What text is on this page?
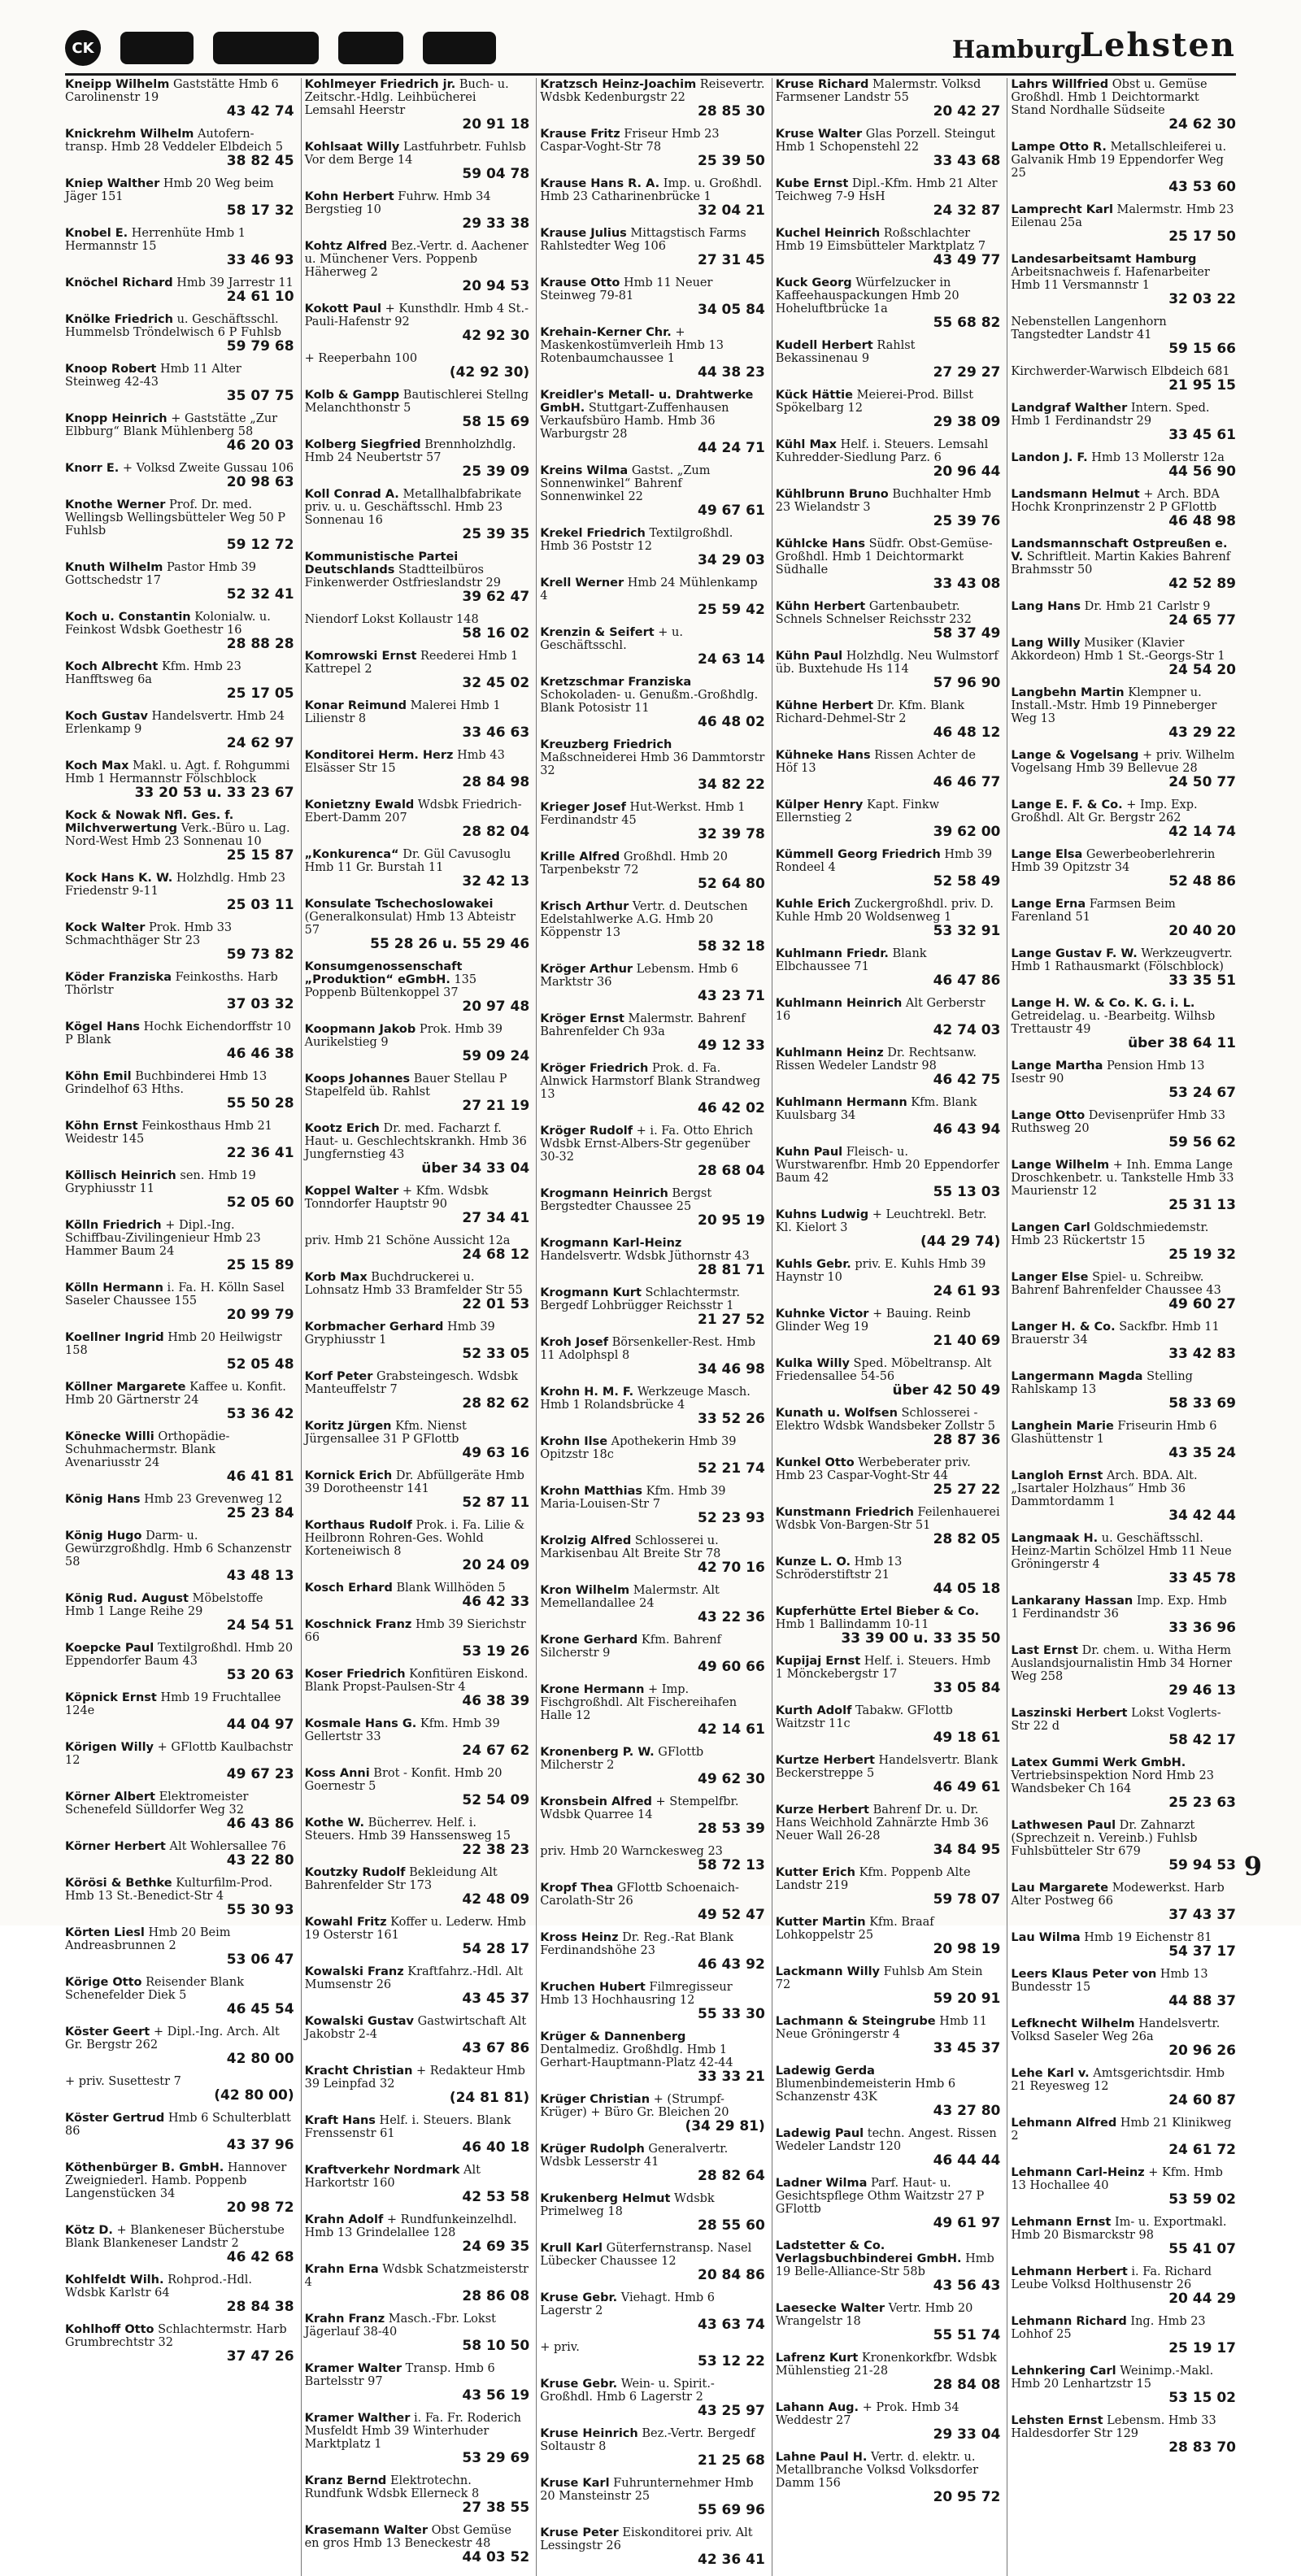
CK	Hamburg
Lehsten
Kneipp Wilhelm Gaststätte Hmb 6 Carolinenstr 19
43 42 74
Knickrehm Wilhelm Autofern-transp. Hmb 28 Veddeler Elbdeich 5
38 82 45
Kniep Walther Hmb 20 Weg beim Jäger 151
58 17 32
Knobel E. Herrenhüte Hmb 1 Hermannstr 15
33 46 93
Knöchel Richard Hmb 39 Jarrestr 11
24 61 10
Knölke Friedrich u. Geschäftsschl. Hummelsb Tröndelwisch 6 P Fuhlsb
59 79 68
Knoop Robert Hmb 11 Alter Steinweg 42-43
35 07 75
Knopp Heinrich + Gaststätte „Zur Elbburg“ Blank Mühlenberg 58
46 20 03
Knorr E. + Volksd Zweite Gussau 106
20 98 63
Knothe Werner Prof. Dr. med. Wellingsb Wellingsbütteler Weg 50 P Fuhlsb
59 12 72
Knuth Wilhelm Pastor Hmb 39 Gottschedstr 17
52 32 41
Koch u. Constantin Kolonialw. u. Feinkost Wdsbk Goethestr 16
28 88 28
Koch Albrecht Kfm. Hmb 23 Hanfftsweg 6a
25 17 05
Koch Gustav Handelsvertr. Hmb 24 Erlenkamp 9
24 62 97
Koch Max Makl. u. Agt. f. Rohgummi Hmb 1 Hermannstr Fölschblock
33 20 53 u. 33 23 67
Kock & Nowak Nfl. Ges. f. Milchverwertung Verk.-Büro u. Lag. Nord-West Hmb 23 Sonnenau 10
25 15 87
Kock Hans K. W. Holzhdlg. Hmb 23 Friedenstr 9-11
25 03 11
Kock Walter Prok. Hmb 33 Schmachthäger Str 23
59 73 82
Köder Franziska Feinkosths. Harb Thörlstr
37 03 32
Kögel Hans Hochk Eichendorffstr 10 P Blank
46 46 38
Köhn Emil Buchbinderei Hmb 13 Grindelhof 63 Hths.
55 50 28
Köhn Ernst Feinkosthaus Hmb 21 Weidestr 145
22 36 41
Köllisch Heinrich sen. Hmb 19 Gryphiusstr 11
52 05 60
Kölln Friedrich + Dipl.-Ing. Schiffbau-Zivilingenieur Hmb 23 Hammer Baum 24
25 15 89
Kölln Hermann i. Fa. H. Kölln Sasel Saseler Chaussee 155
20 99 79
Koellner Ingrid Hmb 20 Heilwigstr 158
52 05 48
Köllner Margarete Kaffee u. Konfit. Hmb 20 Gärtnerstr 24
53 36 42
Könecke Willi Orthopädie-Schuhmachermstr. Blank Avenariusstr 24
46 41 81
König Hans Hmb 23 Grevenweg 12
25 23 84
König Hugo Darm- u. Gewürzgroßhdlg. Hmb 6 Schanzenstr 58
43 48 13
König Rud. August Möbelstoffe Hmb 1 Lange Reihe 29
24 54 51
Koepcke Paul Textilgroßhdl. Hmb 20 Eppendorfer Baum 43
53 20 63
Köpnick Ernst Hmb 19 Fruchtallee 124e
44 04 97
Körigen Willy + GFlottb Kaulbachstr 12
49 67 23
Körner Albert Elektromeister Schenefeld Sülldorfer Weg 32
46 43 86
Körner Herbert Alt Wohlersallee 76
43 22 80
Körösi & Bethke Kulturfilm-Prod. Hmb 13 St.-Benedict-Str 4
55 30 93
Körten Liesl Hmb 20 Beim Andreasbrunnen 2
53 06 47
Körige Otto Reisender Blank Schenefelder Diek 5
46 45 54
Köster Geert + Dipl.-Ing. Arch. Alt Gr. Bergstr 262
42 80 00
+ priv. Susettestr 7
(42 80 00)
Köster Gertrud Hmb 6 Schulterblatt 86
43 37 96
Köthenbürger B. GmbH. Hannover Zweigniederl. Hamb. Poppenb Langenstücken 34
20 98 72
Kötz D. + Blankeneser Bücherstube Blank Blankeneser Landstr 2
46 42 68
Kohlfeldt Wilh. Rohprod.-Hdl. Wdsbk Karlstr 64
28 84 38
Kohlhoff Otto Schlachtermstr. Harb Grumbrechtstr 32
37 47 26
Kohlmeyer Friedrich jr. Buch- u. Zeitschr.-Hdlg. Leihbücherei Lemsahl Heerstr
20 91 18
Kohlsaat Willy Lastfuhrbetr. Fuhlsb Vor dem Berge 14
59 04 78
Kohn Herbert Fuhrw. Hmb 34 Bergstieg 10
29 33 38
Kohtz Alfred Bez.-Vertr. d. Aachener u. Münchener Vers. Poppenb Häherweg 2
20 94 53
Kokott Paul + Kunsthdlr. Hmb 4 St.-Pauli-Hafenstr 92
42 92 30
+ Reeperbahn 100
(42 92 30)
Kolb & Gampp Bautischlerei Stellng Melanchthonstr 5
58 15 69
Kolberg Siegfried Brennholzhdlg. Hmb 24 Neubertstr 57
25 39 09
Koll Conrad A. Metallhalbfabrikate priv. u. u. Geschäftsschl. Hmb 23 Sonnenau 16
25 39 35
Kommunistische Partei Deutschlands Stadtteilbüros Finkenwerder Ostfrieslandstr 29
39 62 47
Niendorf Lokst Kollaustr 148
58 16 02
Komrowski Ernst Reederei Hmb 1 Kattrepel 2
32 45 02
Konar Reimund Malerei Hmb 1 Lilienstr 8
33 46 63
Konditorei Herm. Herz Hmb 43 Elsässer Str 15
28 84 98
Konietzny Ewald Wdsbk Friedrich-Ebert-Damm 207
28 82 04
„Konkurenca“ Dr. Gül Cavusoglu Hmb 11 Gr. Burstah 11
32 42 13
Konsulate Tschechoslowakei (Generalkonsulat) Hmb 13 Abteistr 57
55 28 26 u. 55 29 46
Konsumgenossenschaft „Produktion“ eGmbH. 135 Poppenb Bültenkoppel 37
20 97 48
Koopmann Jakob Prok. Hmb 39 Aurikelstieg 9
59 09 24
Koops Johannes Bauer Stellau P Stapelfeld üb. Rahlst
27 21 19
Kootz Erich Dr. med. Facharzt f. Haut- u. Geschlechtskrankh. Hmb 36 Jungfernstieg 43
über 34 33 04
Koppel Walter + Kfm. Wdsbk Tonndorfer Hauptstr 90
27 34 41
priv. Hmb 21 Schöne Aussicht 12a
24 68 12
Korb Max Buchdruckerei u. Lohnsatz Hmb 33 Bramfelder Str 55
22 01 53
Korbmacher Gerhard Hmb 39 Gryphiusstr 1
52 33 05
Korf Peter Grabsteingesch. Wdsbk Manteuffelstr 7
28 82 62
Koritz Jürgen Kfm. Nienst Jürgensallee 31 P GFlottb
49 63 16
Kornick Erich Dr. Abfüllgeräte Hmb 39 Dorotheenstr 141
52 87 11
Korthaus Rudolf Prok. i. Fa. Lilie & Heilbronn Rohren-Ges. Wohld Korteneiwisch 8
20 24 09
Kosch Erhard Blank Willhöden 5
46 42 33
Koschnick Franz Hmb 39 Sierichstr 66
53 19 26
Koser Friedrich Konfitüren Eiskond. Blank Propst-Paulsen-Str 4
46 38 39
Kosmale Hans G. Kfm. Hmb 39 Gellertstr 33
24 67 62
Koss Anni Brot - Konfit. Hmb 20 Goernestr 5
52 54 09
Kothe W. Bücherrev. Helf. i. Steuers. Hmb 39 Hanssensweg 15
22 38 23
Koutzky Rudolf Bekleidung Alt Bahrenfelder Str 173
42 48 09
Kowahl Fritz Koffer u. Lederw. Hmb 19 Osterstr 161
54 28 17
Kowalski Franz Kraftfahrz.-Hdl. Alt Mumsenstr 26
43 45 37
Kowalski Gustav Gastwirtschaft Alt Jakobstr 2-4
43 67 86
Kracht Christian + Redakteur Hmb 39 Leinpfad 32
(24 81 81)
Kraft Hans Helf. i. Steuers. Blank Frenssenstr 61
46 40 18
Kraftverkehr Nordmark Alt Harkortstr 160
42 53 58
Krahn Adolf + Rundfunkeinzelhdl. Hmb 13 Grindelallee 128
24 69 35
Krahn Erna Wdsbk Schatzmeisterstr 4
28 86 08
Krahn Franz Masch.-Fbr. Lokst Jägerlauf 38-40
58 10 50
Kramer Walter Transp. Hmb 6 Bartelsstr 97
43 56 19
Kramer Walther i. Fa. Fr. Roderich Musfeldt Hmb 39 Winterhuder Marktplatz 1
53 29 69
Kranz Bernd Elektrotechn. Rundfunk Wdsbk Ellerneck 8
27 38 55
Krasemann Walter Obst Gemüse en gros Hmb 13 Beneckestr 48
44 03 52
Kratzsch Heinz-Joachim Reisevertr. Wdsbk Kedenburgstr 22
28 85 30
Krause Fritz Friseur Hmb 23 Caspar-Voght-Str 78
25 39 50
Krause Hans R. A. Imp. u. Großhdl. Hmb 23 Catharinenbrücke 1
32 04 21
Krause Julius Mittagstisch Farms Rahlstedter Weg 106
27 31 45
Krause Otto Hmb 11 Neuer Steinweg 79-81
34 05 84
Krehain-Kerner Chr. + Maskenkostümverleih Hmb 13 Rotenbaumchaussee 1
44 38 23
Kreidler's Metall- u. Drahtwerke GmbH. Stuttgart-Zuffenhausen Verkaufsbüro Hamb. Hmb 36 Warburgstr 28
44 24 71
Kreins Wilma Gastst. „Zum Sonnenwinkel“ Bahrenf Sonnenwinkel 22
49 67 61
Krekel Friedrich Textilgroßhdl. Hmb 36 Poststr 12
34 29 03
Krell Werner Hmb 24 Mühlenkamp 4
25 59 42
Krenzin & Seifert + u. Geschäftsschl.
24 63 14
Kretzschmar Franziska Schokoladen- u. Genußm.-Großhdlg. Blank Potosistr 11
46 48 02
Kreuzberg Friedrich Maßschneiderei Hmb 36 Dammtorstr 32
34 82 22
Krieger Josef Hut-Werkst. Hmb 1 Ferdinandstr 45
32 39 78
Krille Alfred Großhdl. Hmb 20 Tarpenbekstr 72
52 64 80
Krisch Arthur Vertr. d. Deutschen Edelstahlwerke A.G. Hmb 20 Köppenstr 13
58 32 18
Kröger Arthur Lebensm. Hmb 6 Marktstr 36
43 23 71
Kröger Ernst Malermstr. Bahrenf Bahrenfelder Ch 93a
49 12 33
Kröger Friedrich Prok. d. Fa. Alnwick Harmstorf Blank Strandweg 13
46 42 02
Kröger Rudolf + i. Fa. Otto Ehrich Wdsbk Ernst-Albers-Str gegenüber 30-32
28 68 04
Krogmann Heinrich Bergst Bergstedter Chaussee 25
20 95 19
Krogmann Karl-Heinz Handelsvertr. Wdsbk Jüthornstr 43
28 81 71
Krogmann Kurt Schlachtermstr. Bergedf Lohbrügger Reichsstr 1
21 27 52
Kroh Josef Börsenkeller-Rest. Hmb 11 Adolphspl 8
34 46 98
Krohn H. M. F. Werkzeuge Masch. Hmb 1 Rolandsbrücke 4
33 52 26
Krohn Ilse Apothekerin Hmb 39 Opitzstr 18c
52 21 74
Krohn Matthias Kfm. Hmb 39 Maria-Louisen-Str 7
52 23 93
Krolzig Alfred Schlosserei u. Markisenbau Alt Breite Str 78
42 70 16
Kron Wilhelm Malermstr. Alt Memellandallee 24
43 22 36
Krone Gerhard Kfm. Bahrenf Silcherstr 9
49 60 66
Krone Hermann + Imp. Fischgroßhdl. Alt Fischereihafen Halle 12
42 14 61
Kronenberg P. W. GFlottb Milcherstr 2
49 62 30
Kronsbein Alfred + Stempelfbr. Wdsbk Quarree 14
28 53 39
priv. Hmb 20 Warnckesweg 23
58 72 13
Kropf Thea GFlottb Schoenaich-Carolath-Str 26
49 52 47
Kross Heinz Dr. Reg.-Rat Blank Ferdinandshöhe 23
46 43 92
Kruchen Hubert Filmregisseur Hmb 13 Hochhausring 12
55 33 30
Krüger & Dannenberg Dentalmediz. Großhdlg. Hmb 1 Gerhart-Hauptmann-Platz 42-44
33 33 21
Krüger Christian + (Strumpf-Krüger) + Büro Gr. Bleichen 20
(34 29 81)
Krüger Rudolph Generalvertr. Wdsbk Lesserstr 41
28 82 64
Krukenberg Helmut Wdsbk Primelweg 18
28 55 60
Krull Karl Güterfernstransp. Nasel Lübecker Chaussee 12
20 84 86
Kruse Gebr. Viehagt. Hmb 6 Lagerstr 2
43 63 74
+ priv.
53 12 22
Kruse Gebr. Wein- u. Spirit.-Großhdl. Hmb 6 Lagerstr 2
43 25 97
Kruse Heinrich Bez.-Vertr. Bergedf Soltaustr 8
21 25 68
Kruse Karl Fuhrunternehmer Hmb 20 Mansteinstr 25
55 69 96
Kruse Peter Eiskonditorei priv. Alt Lessingstr 26
42 36 41
Kruse Richard Malermstr. Volksd Farmsener Landstr 55
20 42 27
Kruse Walter Glas Porzell. Steingut Hmb 1 Schopenstehl 22
33 43 68
Kube Ernst Dipl.-Kfm. Hmb 21 Alter Teichweg 7-9 HsH
24 32 87
Kuchel Heinrich Roßschlachter Hmb 19 Eimsbütteler Marktplatz 7
43 49 77
Kuck Georg Würfelzucker in Kaffeehauspackungen Hmb 20 Hoheluftbrücke 1a
55 68 82
Kudell Herbert Rahlst Bekassinenau 9
27 29 27
Kück Hättie Meierei-Prod. Billst Spökelbarg 12
29 38 09
Kühl Max Helf. i. Steuers. Lemsahl Kuhredder-Siedlung Parz. 6
20 96 44
Kühlbrunn Bruno Buchhalter Hmb 23 Wielandstr 3
25 39 76
Kühlcke Hans Südfr. Obst-Gemüse-Großhdl. Hmb 1 Deichtormarkt Südhalle
33 43 08
Kühn Herbert Gartenbaubetr. Schnels Schnelser Reichsstr 232
58 37 49
Kühn Paul Holzhdlg. Neu Wulmstorf üb. Buxtehude Hs 114
57 96 90
Kühne Herbert Dr. Kfm. Blank Richard-Dehmel-Str 2
46 48 12
Kühneke Hans Rissen Achter de Höf 13
46 46 77
Külper Henry Kapt. Finkw Ellernstieg 2
39 62 00
Kümmell Georg Friedrich Hmb 39 Rondeel 4
52 58 49
Kuhle Erich Zuckergroßhdl. priv. D. Kuhle Hmb 20 Woldsenweg 1
53 32 91
Kuhlmann Friedr. Blank Elbchaussee 71
46 47 86
Kuhlmann Heinrich Alt Gerberstr 16
42 74 03
Kuhlmann Heinz Dr. Rechtsanw. Rissen Wedeler Landstr 98
46 42 75
Kuhlmann Hermann Kfm. Blank Kuulsbarg 34
46 43 94
Kuhn Paul Fleisch- u. Wurstwarenfbr. Hmb 20 Eppendorfer Baum 42
55 13 03
Kuhns Ludwig + Leuchtrekl. Betr. Kl. Kielort 3
(44 29 74)
Kuhls Gebr. priv. E. Kuhls Hmb 39 Haynstr 10
24 61 93
Kuhnke Victor + Bauing. Reinb Glinder Weg 19
21 40 69
Kulka Willy Sped. Möbeltransp. Alt Friedensallee 54-56
über 42 50 49
Kunath u. Wolfsen Schlosserei - Elektro Wdsbk Wandsbeker Zollstr 5
28 87 36
Kunkel Otto Werbeberater priv. Hmb 23 Caspar-Voght-Str 44
25 27 22
Kunstmann Friedrich Feilenhauerei Wdsbk Von-Bargen-Str 51
28 82 05
Kunze L. O. Hmb 13 Schröderstiftstr 21
44 05 18
Kupferhütte Ertel Bieber & Co. Hmb 1 Ballindamm 10-11
33 39 00 u. 33 35 50
Kupijaj Ernst Helf. i. Steuers. Hmb 1 Mönckebergstr 17
33 05 84
Kurth Adolf Tabakw. GFlottb Waitzstr 11c
49 18 61
Kurtze Herbert Handelsvertr. Blank Beckerstreppe 5
46 49 61
Kurze Herbert Bahrenf Dr. u. Dr. Hans Weichhold Zahnärzte Hmb 36 Neuer Wall 26-28
34 84 95
Kutter Erich Kfm. Poppenb Alte Landstr 219
59 78 07
Kutter Martin Kfm. Braaf Lohkoppelstr 25
20 98 19
Lackmann Willy Fuhlsb Am Stein 72
59 20 91
Lachmann & Steingrube Hmb 11 Neue Gröningerstr 4
33 45 37
Ladewig Gerda Blumenbindemeisterin Hmb 6 Schanzenstr 43K
43 27 80
Ladewig Paul techn. Angest. Rissen Wedeler Landstr 120
46 44 44
Ladner Wilma Parf. Haut- u. Gesichtspflege Othm Waitzstr 27 P GFlottb
49 61 97
Ladstetter & Co. Verlagsbuchbinderei GmbH. Hmb 19 Belle-Alliance-Str 58b
43 56 43
Laesecke Walter Vertr. Hmb 20 Wrangelstr 18
55 51 74
Lafrenz Kurt Kronenkorkfbr. Wdsbk Mühlenstieg 21-28
28 84 08
Lahann Aug. + Prok. Hmb 34 Weddestr 27
29 33 04
Lahne Paul H. Vertr. d. elektr. u. Metallbranche Volksd Volksdorfer Damm 156
20 95 72
Lahrs Willfried Obst u. Gemüse Großhdl. Hmb 1 Deichtormarkt Stand Nordhalle Südseite
24 62 30
Lampe Otto R. Metallschleiferei u. Galvanik Hmb 19 Eppendorfer Weg 25
43 53 60
Lamprecht Karl Malermstr. Hmb 23 Eilenau 25a
25 17 50
Landesarbeitsamt Hamburg Arbeitsnachweis f. Hafenarbeiter Hmb 11 Versmannstr 1
32 03 22
Nebenstellen Langenhorn Tangstedter Landstr 41
59 15 66
Kirchwerder-Warwisch Elbdeich 681
21 95 15
Landgraf Walther Intern. Sped. Hmb 1 Ferdinandstr 29
33 45 61
Landon J. F. Hmb 13 Mollerstr 12a
44 56 90
Landsmann Helmut + Arch. BDA Hochk Kronprinzenstr 2 P GFlottb
46 48 98
Landsmannschaft Ostpreußen e. V. Schriftleit. Martin Kakies Bahrenf Brahmsstr 50
42 52 89
Lang Hans Dr. Hmb 21 Carlstr 9
24 65 77
Lang Willy Musiker (Klavier Akkordeon) Hmb 1 St.-Georgs-Str 1
24 54 20
Langbehn Martin Klempner u. Install.-Mstr. Hmb 19 Pinneberger Weg 13
43 29 22
Lange & Vogelsang + priv. Wilhelm Vogelsang Hmb 39 Bellevue 28
24 50 77
Lange E. F. & Co. + Imp. Exp. Großhdl. Alt Gr. Bergstr 262
42 14 74
Lange Elsa Gewerbeoberlehrerin Hmb 39 Opitzstr 34
52 48 86
Lange Erna Farmsen Beim Farenland 51
20 40 20
Lange Gustav F. W. Werkzeugvertr. Hmb 1 Rathausmarkt (Fölschblock)
33 35 51
Lange H. W. & Co. K. G. i. L. Getreidelag. u. -Bearbeitg. Wilhsb Trettaustr 49
über 38 64 11
Lange Martha Pension Hmb 13 Isestr 90
53 24 67
Lange Otto Devisenprüfer Hmb 33 Ruthsweg 20
59 56 62
Lange Wilhelm + Inh. Emma Lange Droschkenbetr. u. Tankstelle Hmb 33 Maurienstr 12
25 31 13
Langen Carl Goldschmiedemstr. Hmb 23 Rückertstr 15
25 19 32
Langer Else Spiel- u. Schreibw. Bahrenf Bahrenfelder Chaussee 43
49 60 27
Langer H. & Co. Sackfbr. Hmb 11 Brauerstr 34
33 42 83
Langermann Magda Stelling Rahlskamp 13
58 33 69
Langhein Marie Friseurin Hmb 6 Glashüttenstr 1
43 35 24
Langloh Ernst Arch. BDA. Alt. „Isartaler Holzhaus“ Hmb 36 Dammtordamm 1
34 42 44
Langmaak H. u. Geschäftsschl. Heinz-Martin Schölzel Hmb 11 Neue Gröningerstr 4
33 45 78
Lankarany Hassan Imp. Exp. Hmb 1 Ferdinandstr 36
33 36 96
Last Ernst Dr. chem. u. Witha Herm Auslandsjournalistin Hmb 34 Horner Weg 258
29 46 13
Laszinski Herbert Lokst Voglerts-Str 22 d
58 42 17
Latex Gummi Werk GmbH. Vertriebsinspektion Nord Hmb 23 Wandsbeker Ch 164
25 23 63
Lathwesen Paul Dr. Zahnarzt (Sprechzeit n. Vereinb.) Fuhlsb Fuhlsbütteler Str 679
59 94 53
Lau Margarete Modewerkst. Harb Alter Postweg 66
37 43 37
Lau Wilma Hmb 19 Eichenstr 81
54 37 17
Leers Klaus Peter von Hmb 13 Bundesstr 15
44 88 37
Lefknecht Wilhelm Handelsvertr. Volksd Saseler Weg 26a
20 96 26
Lehe Karl v. Amtsgerichtsdir. Hmb 21 Reyesweg 12
24 60 87
Lehmann Alfred Hmb 21 Klinikweg 2
24 61 72
Lehmann Carl-Heinz + Kfm. Hmb 13 Hochallee 40
53 59 02
Lehmann Ernst Im- u. Exportmakl. Hmb 20 Bismarckstr 98
55 41 07
Lehmann Herbert i. Fa. Richard Leube Volksd Holthusenstr 26
20 44 29
Lehmann Richard Ing. Hmb 23 Lohhof 25
25 19 17
Lehnkering Carl Weinimp.-Makl. Hmb 20 Lenhartzstr 15
53 15 02
Lehsten Ernst Lebensm. Hmb 33 Haldesdorfer Str 129
28 83 70
9
